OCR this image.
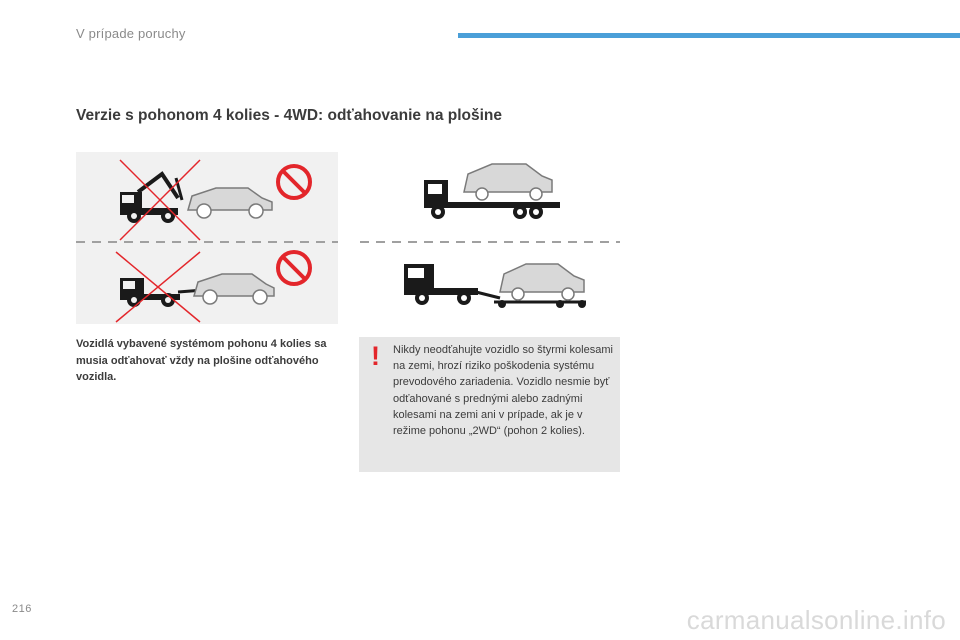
V prípade poruchy
Verzie s pohonom 4 kolies - 4WD: odťahovanie na plošine
Vozidlá vybavené systémom pohonu 4 kolies sa musia odťahovať vždy na plošine odťahového vozidla.
! Nikdy neodťahujte vozidlo so štyrmi kolesami na zemi, hrozí riziko poškodenia systému prevodového zariadenia. Vozidlo nesmie byť odťahované s prednými alebo zadnými kolesami na zemi ani v prípade, ak je v režime pohonu „2WD“ (pohon 2 kolies).
216	carmanualsonline.info
